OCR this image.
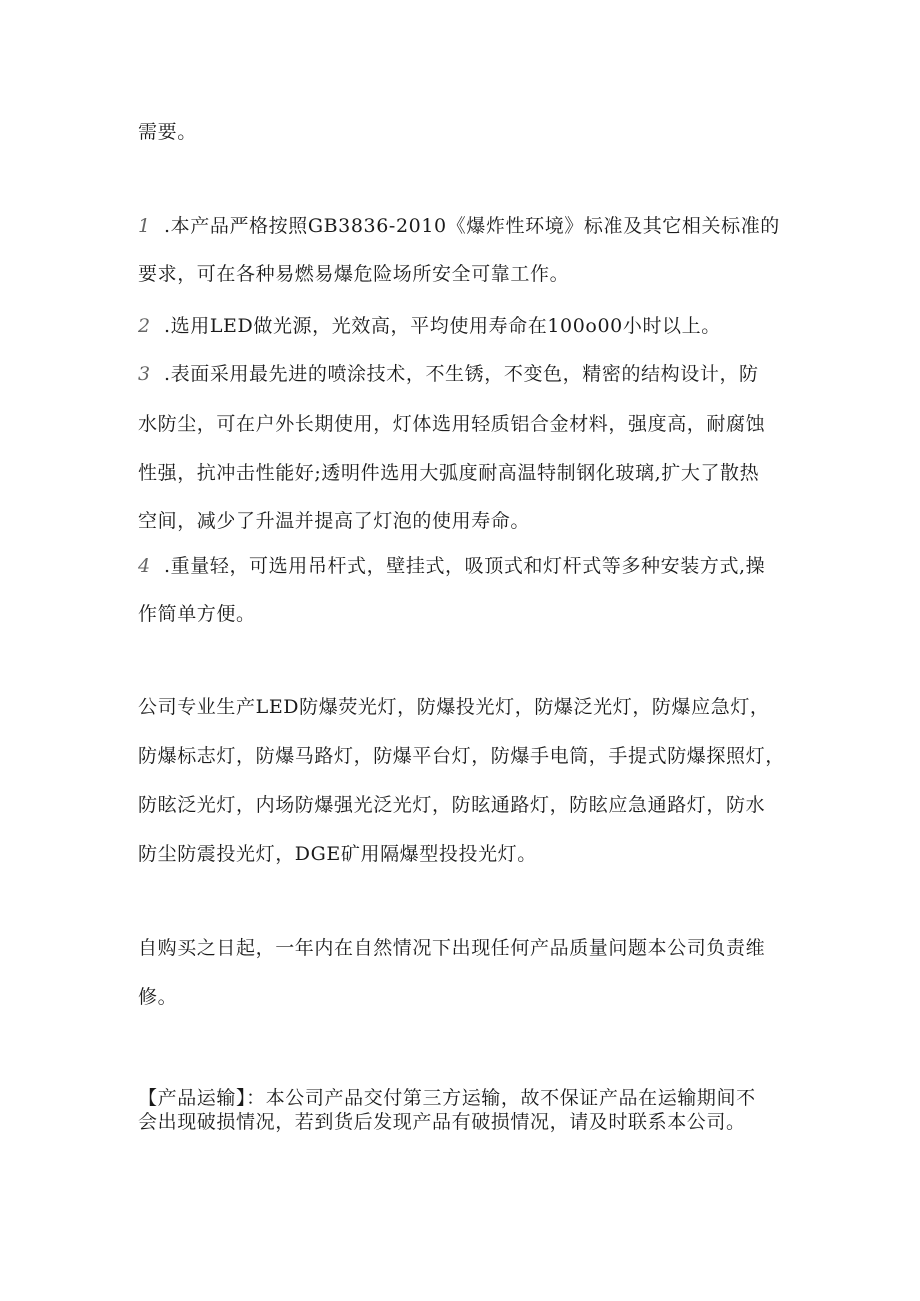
需要。
1 .本产品严格按照GB3836-2010《爆炸性环境》标准及其它相关标准的
要求，可在各种易燃易爆危险场所安全可靠工作。
2 .选用LED做光源，光效高，平均使用寿命在100o00小时以上。
3 .表面采用最先进的喷涂技术，不生锈，不变色，精密的结构设计，防
水防尘，可在户外长期使用，灯体选用轻质铝合金材料，强度高，耐腐蚀
性强，抗冲击性能好;透明件选用大弧度耐高温特制钢化玻璃,扩大了散热
空间，减少了升温并提高了灯泡的使用寿命。
4 .重量轻，可选用吊杆式，壁挂式，吸顶式和灯杆式等多种安装方式,操
作简单方便。
公司专业生产LED防爆荧光灯，防爆投光灯，防爆泛光灯，防爆应急灯，
防爆标志灯，防爆马路灯，防爆平台灯，防爆手电筒，手提式防爆探照灯，
防眩泛光灯，内场防爆强光泛光灯，防眩通路灯，防眩应急通路灯，防水
防尘防震投光灯，DGE矿用隔爆型投投光灯。
自购买之日起，一年内在自然情况下出现任何产品质量问题本公司负责维
修。
【产品运输】：本公司产品交付第三方运输，故不保证产品在运输期间不
会出现破损情况，若到货后发现产品有破损情况，请及时联系本公司。
